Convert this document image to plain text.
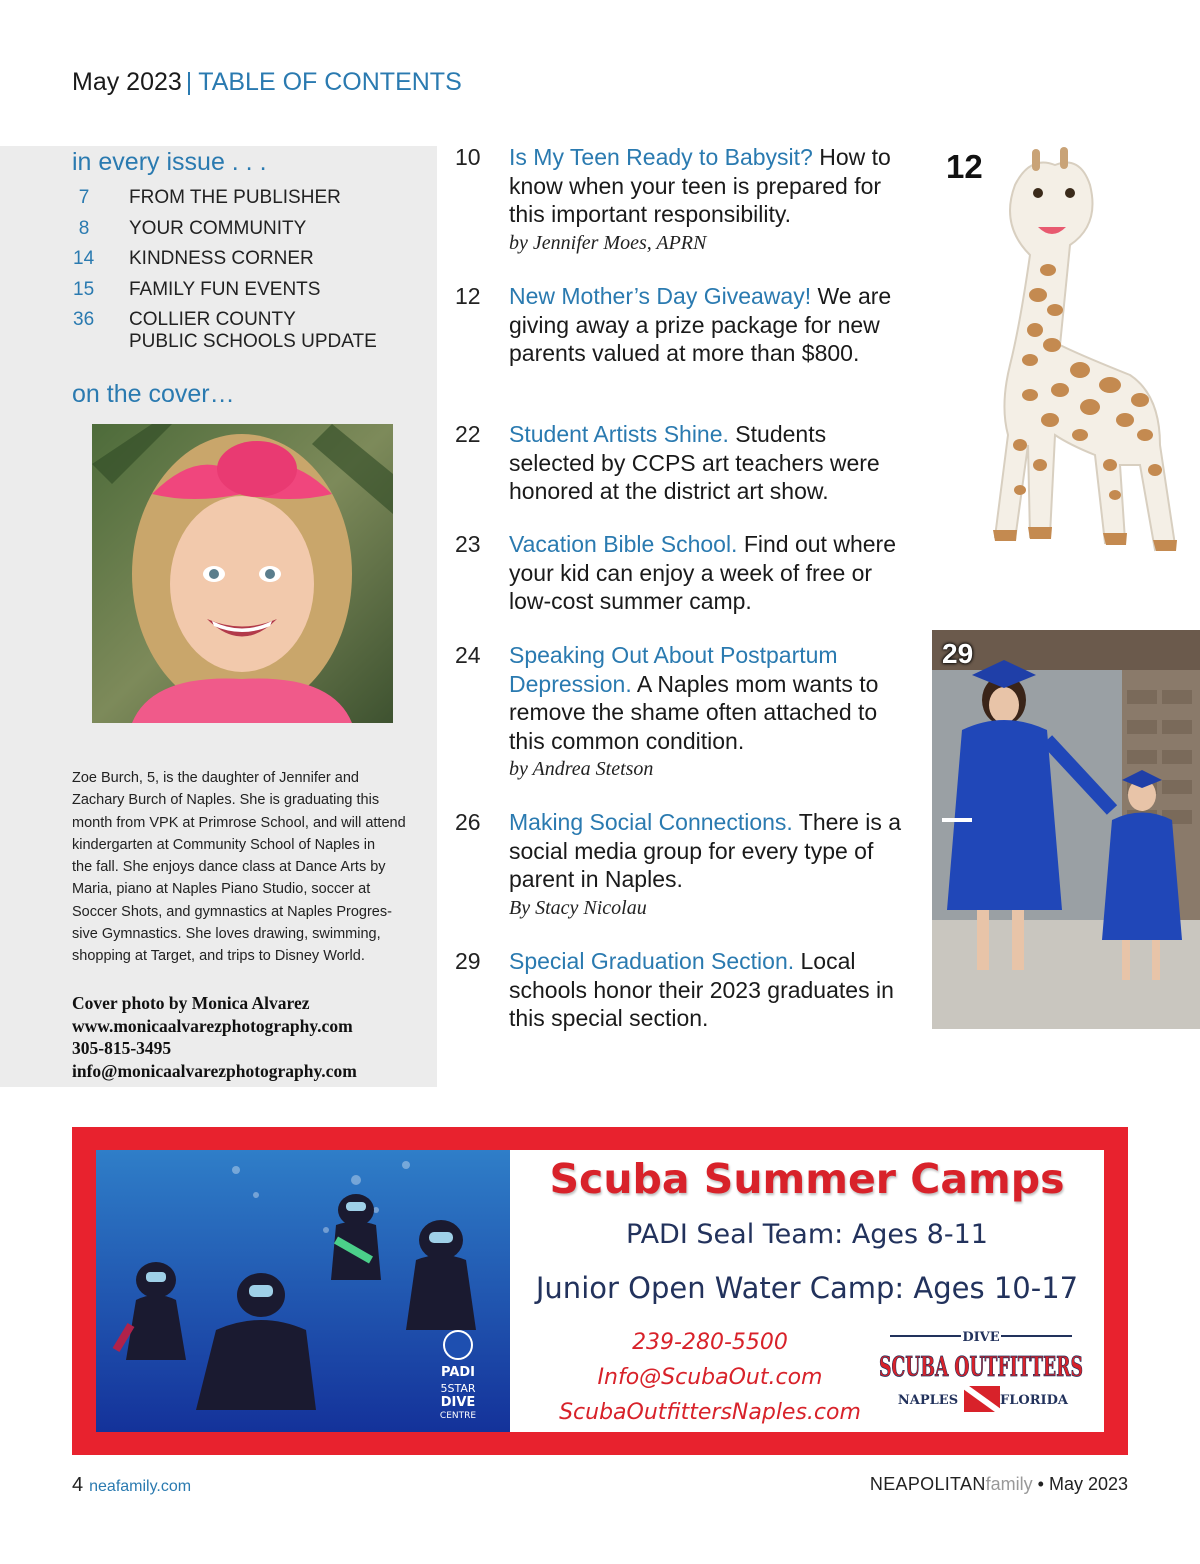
May 2023 | TABLE OF CONTENTS
in every issue . . .
7	FROM THE PUBLISHER
8	YOUR COMMUNITY
14	KINDNESS CORNER
15	FAMILY FUN EVENTS
36	COLLIER COUNTY
PUBLIC SCHOOLS UPDATE
on the cover…
Zoe Burch, 5, is the daughter of Jennifer and
Zachary Burch of Naples. She is graduating this
month from VPK at Primrose School, and will attend
kindergarten at Community School of Naples in
the fall. She enjoys dance class at Dance Arts by
Maria, piano at Naples Piano Studio, soccer at
Soccer Shots, and gymnastics at Naples Progres-
sive Gymnastics. She loves drawing, swimming,
shopping at Target, and trips to Disney World.
Cover photo by Monica Alvarez
www.monicaalvarezphotography.com
305-815-3495
info@monicaalvarezphotography.com
10	Is My Teen Ready to Babysit? How to know when your teen is prepared for this important responsibility.
by Jennifer Moes, APRN
12	New Mother’s Day Giveaway! We are giving away a prize package for new parents valued at more than $800.
22	Student Artists Shine. Students selected by CCPS art teachers were honored at the district art show.
23	Vacation Bible School. Find out where your kid can enjoy a week of free or low-cost summer camp.
24	Speaking Out About Postpartum Depression. A Naples mom wants to remove the shame often attached to this common condition.
by Andrea Stetson
26	Making Social Connections. There is a social media group for every type of parent in Naples.
By Stacy Nicolau
29	Special Graduation Section. Local schools honor their 2023 graduates in this special section.
12
29
PADI
5STAR
DIVE
CENTRE
Scuba Summer Camps
PADI Seal Team: Ages 8-11
Junior Open Water Camp: Ages 10-17
239-280-5500
Info@ScubaOut.com
ScubaOutfittersNaples.com
DIVE
SCUBA OUTFITTERS
NAPLES	FLORIDA
4 neafamily.com	NEAPOLITANfamily • May 2023
